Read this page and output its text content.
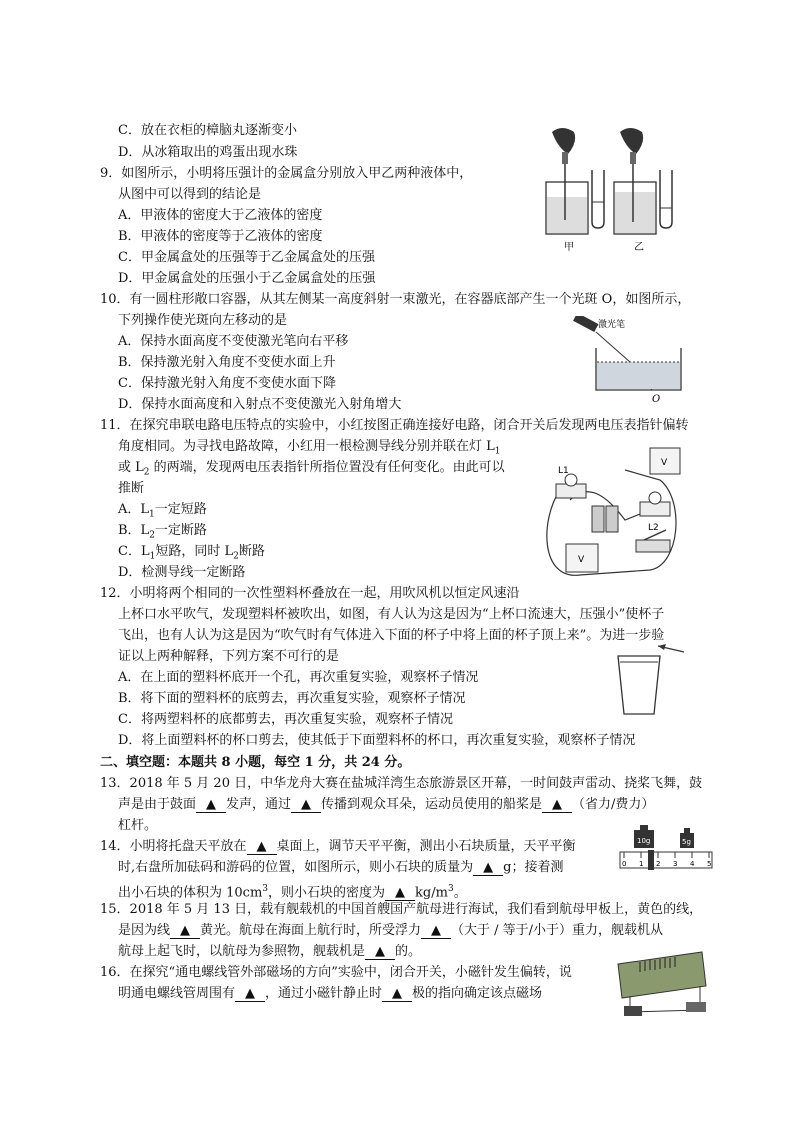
C．放在衣柜的樟脑丸逐渐变小
D．从冰箱取出的鸡蛋出现水珠
9．如图所示，小明将压强计的金属盒分别放入甲乙两种液体中，
从图中可以得到的结论是
A．甲液体的密度大于乙液体的密度
B．甲液体的密度等于乙液体的密度
C．甲金属盒处的压强等于乙金属盒处的压强
D．甲金属盒处的压强小于乙金属盒处的压强
甲	乙
10．有一圆柱形敞口容器，从其左侧某一高度斜射一束激光，在容器底部产生一个光斑 O，如图所示，
下列操作使光斑向左移动的是
A．保持水面高度不变使激光笔向右平移
B．保持激光射入角度不变使水面上升
C．保持激光射入角度不变使水面下降
D．保持水面高度和入射点不变使激光入射角增大
激光笔
O
11．在探究串联电路电压特点的实验中，小红按图正确连接好电路，闭合开关后发现两电压表指针偏转
角度相同。为寻找电路故障，小红用一根检测导线分别并联在灯 $L_1$
或 $L_2$ 的两端，发现两电压表指针所指位置没有任何变化。由此可以
推断
A．$L_1$一定短路
B．$L_2$一定断路
C．$L_1$短路，同时 $L_2$断路
D．检测导线一定断路
L1
L2
V
V
12．小明将两个相同的一次性塑料杯叠放在一起，用吹风机以恒定风速沿
上杯口水平吹气，发现塑料杯被吹出，如图，有人认为这是因为“上杯口流速大，压强小”使杯子
飞出，也有人认为这是因为“吹气时有气体进入下面的杯子中将上面的杯子顶上来”。为进一步验
证以上两种解释，下列方案不可行的是
A．在上面的塑料杯底开一个孔，再次重复实验，观察杯子情况
B．将下面的塑料杯的底剪去，再次重复实验，观察杯子情况
C．将两塑料杯的底都剪去，再次重复实验，观察杯子情况
D．将上面塑料杯的杯口剪去，使其低于下面塑料杯的杯口，再次重复实验，观察杯子情况
二、填空题：本题共 8 小题，每空 1 分，共 24 分。
13．2018 年 5 月 20 日，中华龙舟大赛在盐城洋湾生态旅游景区开幕，一时间鼓声雷动、挠桨飞舞，鼓
声是由于鼓面 ▲ 发声，通过 ▲ 传播到观众耳朵，运动员使用的船桨是 ▲ （省力/费力）
杠杆。
14．小明将托盘天平放在 ▲ 桌面上，调节天平平衡，测出小石块质量，天平平衡
时,右盘所加砝码和游码的位置，如图所示，则小石块的质量为 ▲ g；接着测
出小石块的体积为 $10cm^3$，则小石块的密度为 ▲ $kg/m^3$。
10g	5g
0 1 2 3 4 5
15．2018 年 5 月 13 日，载有舰载机的中国首艘国产航母进行海试，我们看到航母甲板上，黄色的线，
是因为线 ▲ 黄光。航母在海面上航行时，所受浮力 ▲ （大于 / 等于/小于）重力，舰载机从
航母上起飞时，以航母为参照物，舰载机是 ▲ 的。
16．在探究“通电螺线管外部磁场的方向”实验中，闭合开关，小磁针发生偏转，说
明通电螺线管周围有 ▲ ，通过小磁针静止时 ▲ 极的指向确定该点磁场
